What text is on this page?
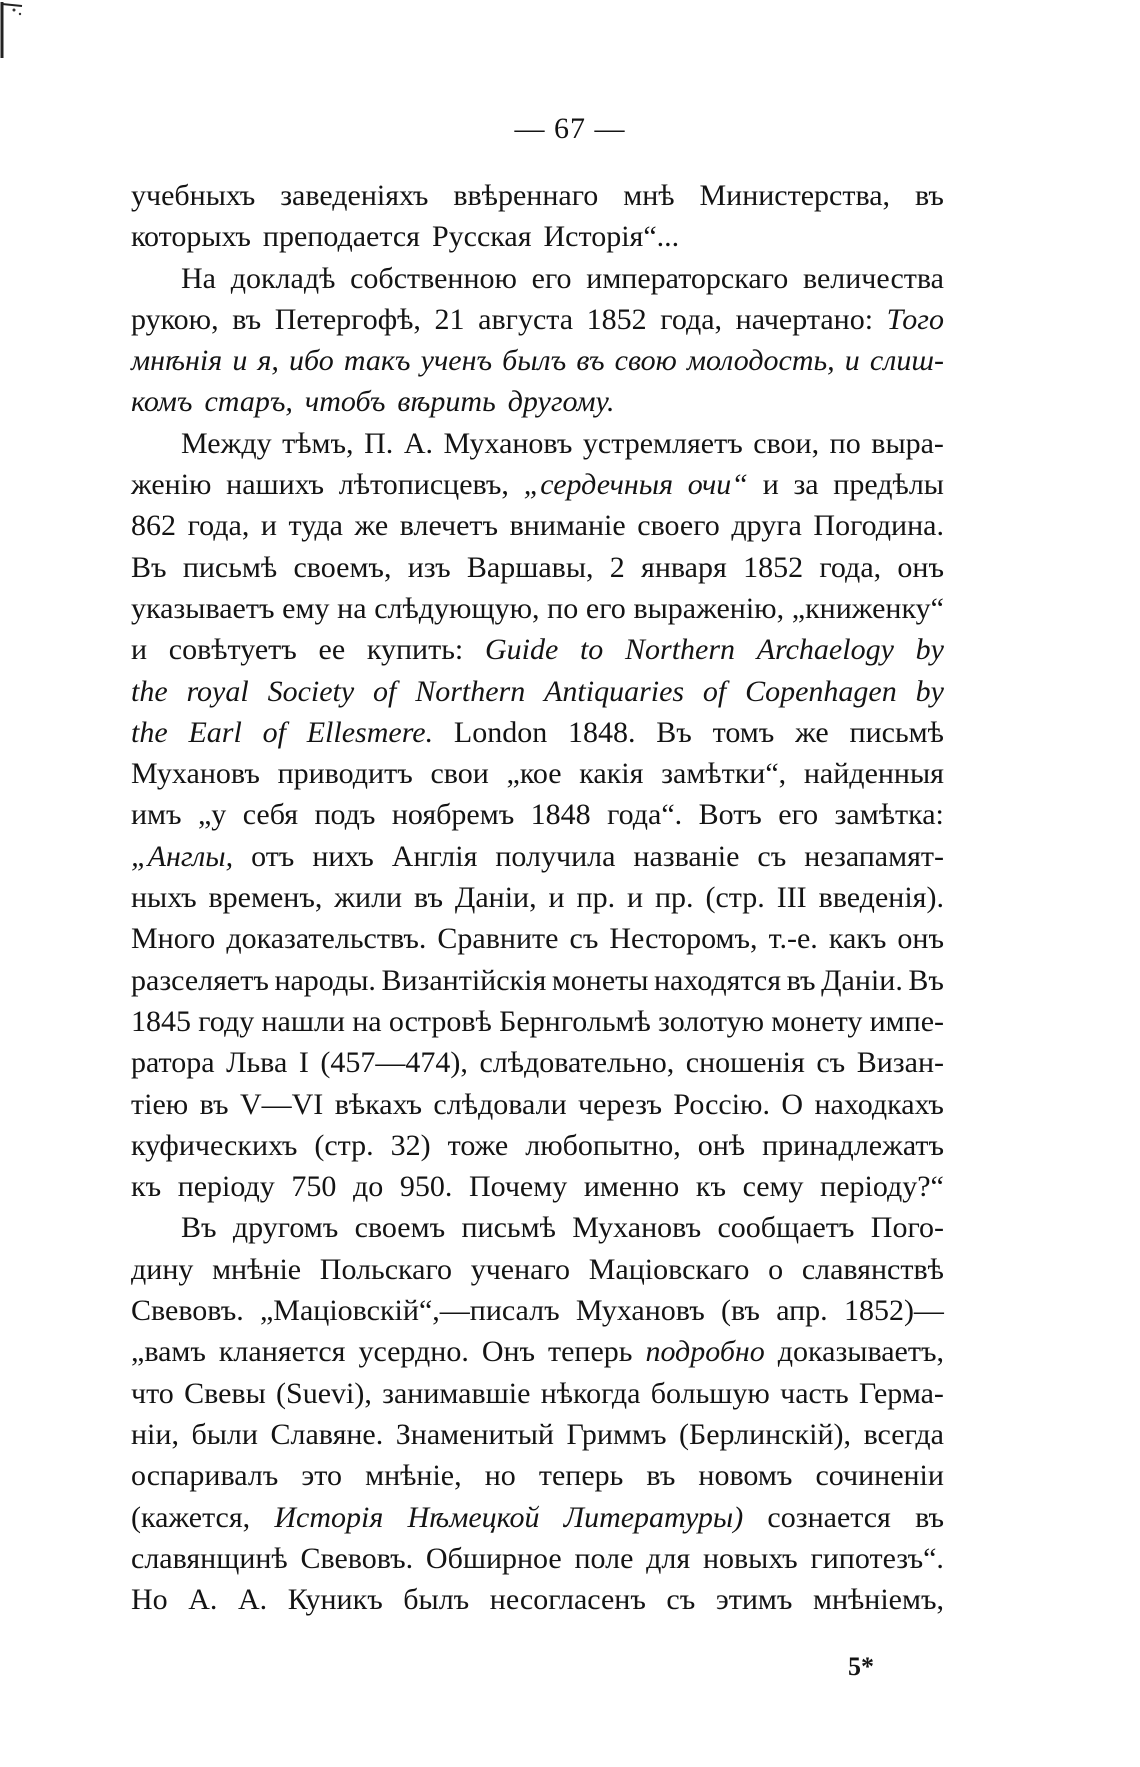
— 67 —
учебныхъ заведеніяхъ ввѣреннаго мнѣ Министерства, въ
которыхъ преподается Русская Исторія“...
На докладѣ собственною его императорскаго величества
рукою, въ Петергофѣ, 21 августа 1852 года, начертано: Того
мнѣнія и я, ибо такъ ученъ былъ въ свою молодость, и слиш-
комъ старъ, чтобъ вѣрить другому.
Между тѣмъ, П. А. Мухановъ устремляетъ свои, по выра-
женію нашихъ лѣтописцевъ, „сердечныя очи“ и за предѣлы
862 года, и туда же влечетъ вниманіе своего друга Погодина.
Въ письмѣ своемъ, изъ Варшавы, 2 января 1852 года, онъ
указываетъ ему на слѣдующую, по его выраженію, „книженку“
и совѣтуетъ ее купить: Guide to Northern Archaelogy by
the royal Society of Northern Antiquaries of Copenhagen by
the Earl of Ellesmere. London 1848. Въ томъ же письмѣ
Мухановъ приводитъ свои „кое какія замѣтки“, найденныя
имъ „у себя подъ ноябремъ 1848 года“. Вотъ его замѣтка:
„Англы, отъ нихъ Англія получила названіе съ незапамят-
ныхъ временъ, жили въ Даніи, и пр. и пр. (стр. III введенія).
Много доказательствъ. Сравните съ Несторомъ, т.-е. какъ онъ
разселяетъ народы. Византійскія монеты находятся въ Даніи. Въ
1845 году нашли на островѣ Бернгольмѣ золотую монету импе-
ратора Льва I (457—474), слѣдовательно, сношенія съ Визан-
тіею въ V—VI вѣкахъ слѣдовали черезъ Россію. О находкахъ
куфическихъ (стр. 32) тоже любопытно, онѣ принадлежатъ
къ періоду 750 до 950. Почему именно къ сему періоду?“
Въ другомъ своемъ письмѣ Мухановъ сообщаетъ Пого-
дину мнѣніе Польскаго ученаго Маціовскаго о славянствѣ
Свевовъ. „Маціовскій“,—писалъ Мухановъ (въ апр. 1852)—
„вамъ кланяется усердно. Онъ теперь подробно доказываетъ,
что Свевы (Suevi), занимавшіе нѣкогда большую часть Герма-
ніи, были Славяне. Знаменитый Гриммъ (Берлинскій), всегда
оспаривалъ это мнѣніе, но теперь въ новомъ сочинeніи
(кажется, Исторія Нѣмецкой Литературы) сознается въ
славянщинѣ Свевовъ. Обширное поле для новыхъ гипотезъ“.
Но А. А. Куникъ былъ несогласенъ съ этимъ мнѣніемъ,
5*
